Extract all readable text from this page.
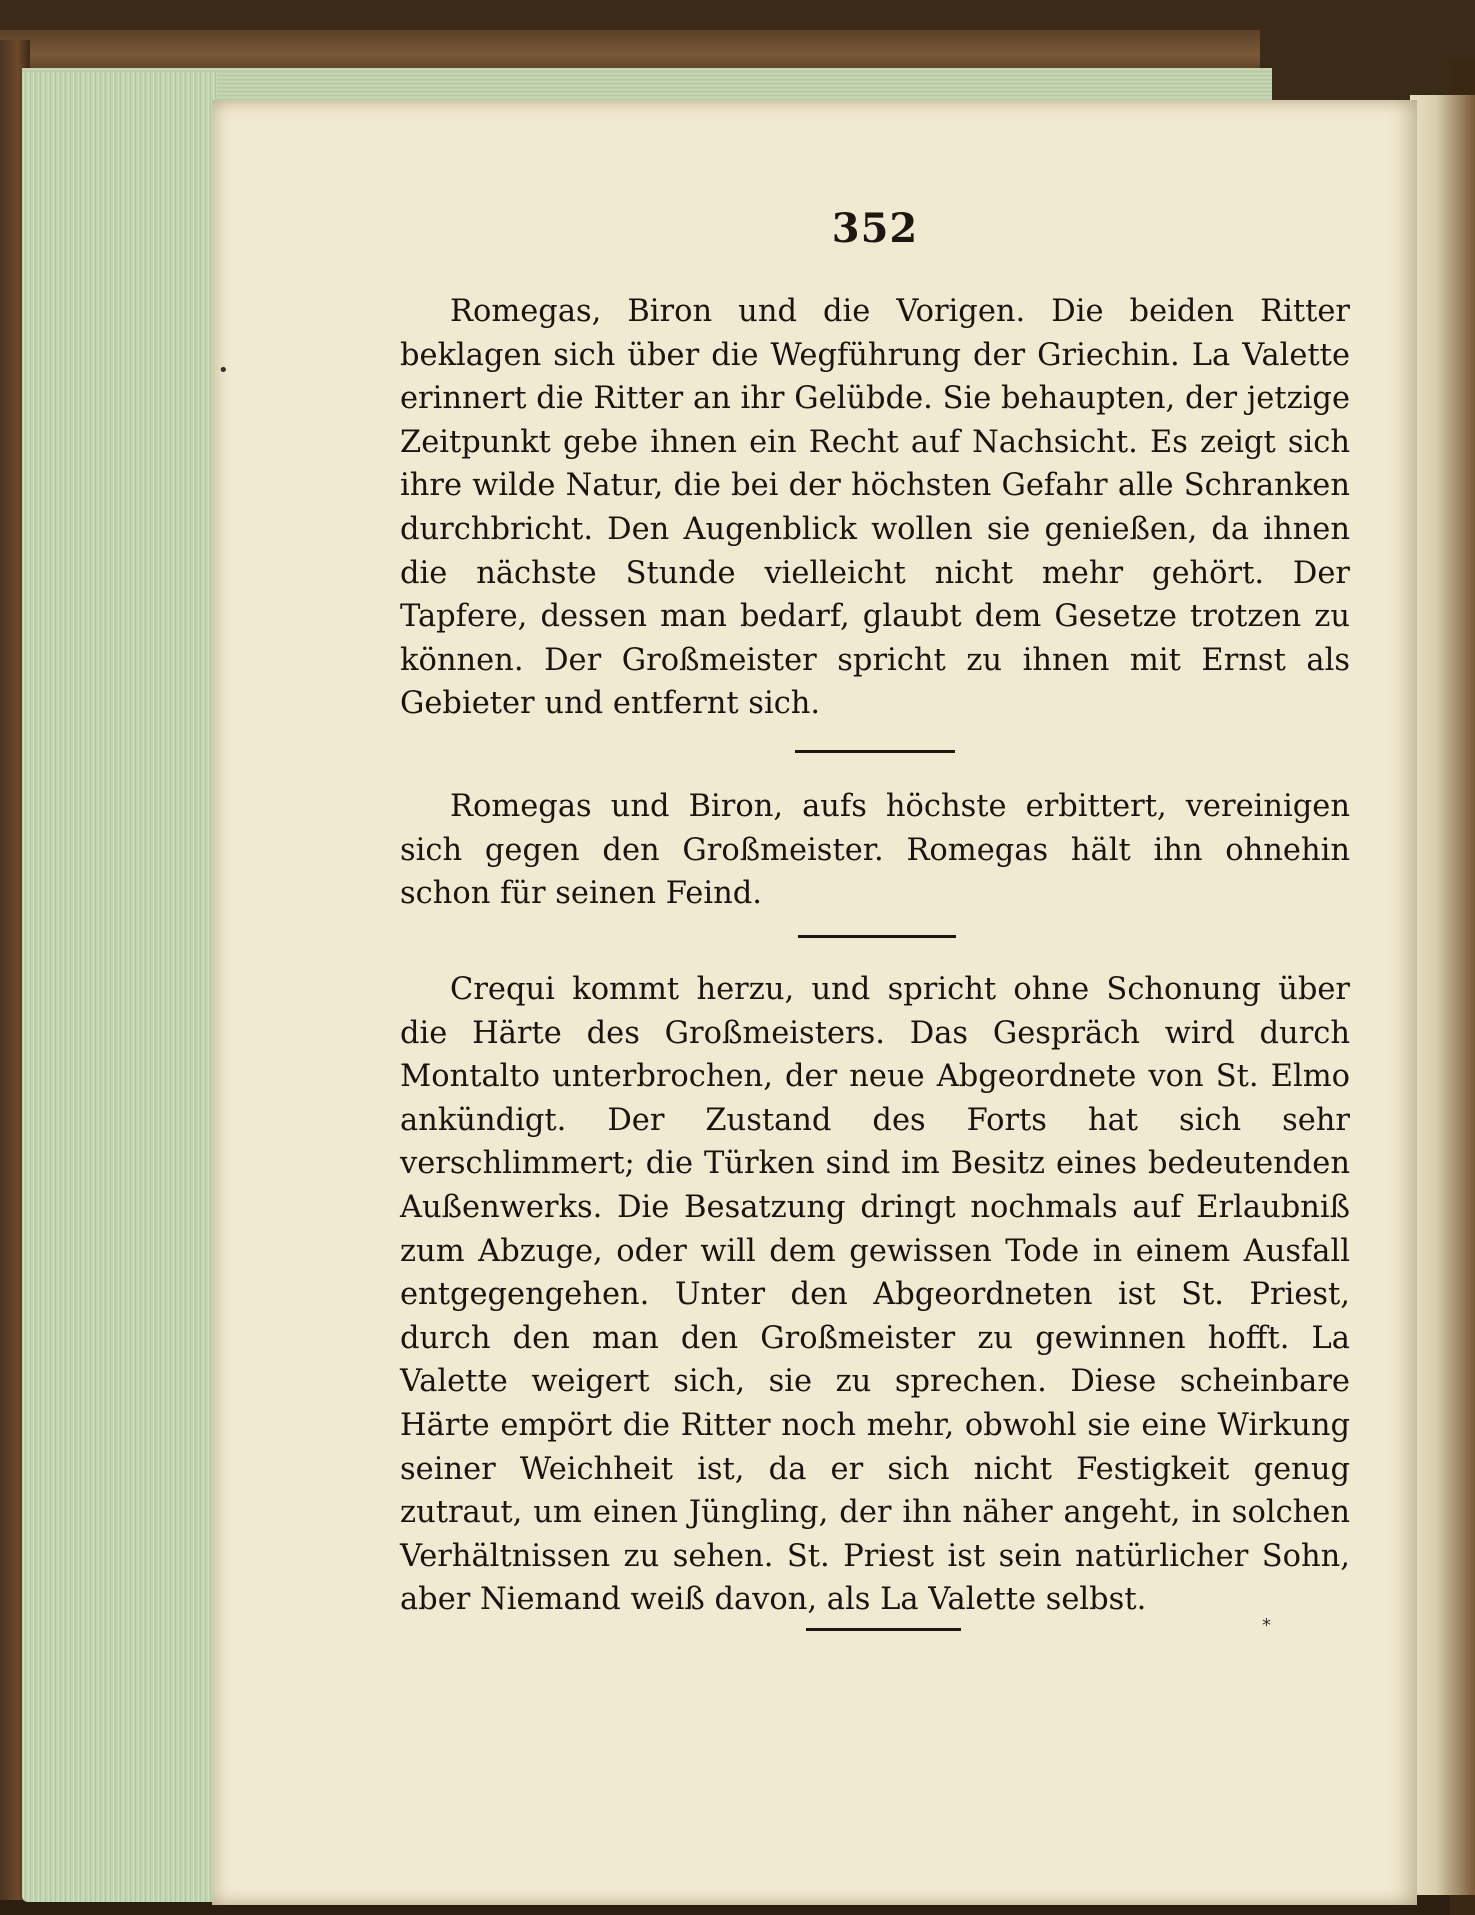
352

Romegas, Biron und die Vorigen. Die beiden Ritter beklagen sich über die Wegführung der Griechin. La Valette erinnert die Ritter an ihr Gelübde. Sie behaupten, der jetzige Zeitpunkt gebe ihnen ein Recht auf Nachsicht. Es zeigt sich ihre wilde Natur, die bei der höchsten Gefahr alle Schranken durchbricht. Den Augenblick wollen sie genießen, da ihnen die nächste Stunde vielleicht nicht mehr gehört. Der Tapfere, dessen man bedarf, glaubt dem Gesetze trotzen zu können. Der Großmeister spricht zu ihnen mit Ernst als Gebieter und entfernt sich.

Romegas und Biron, aufs höchste erbittert, vereinigen sich gegen den Großmeister. Romegas hält ihn ohnehin schon für seinen Feind.

Crequi kommt herzu, und spricht ohne Schonung über die Härte des Großmeisters. Das Gespräch wird durch Montalto unterbrochen, der neue Abgeordnete von St. Elmo ankündigt. Der Zustand des Forts hat sich sehr verschlimmert; die Türken sind im Besitz eines bedeutenden Außenwerks. Die Besatzung dringt nochmals auf Erlaubniß zum Abzuge, oder will dem gewissen Tode in einem Ausfall entgegengehen. Unter den Abgeordneten ist St. Priest, durch den man den Großmeister zu gewinnen hofft. La Valette weigert sich, sie zu sprechen. Diese scheinbare Härte empört die Ritter noch mehr, obwohl sie eine Wirkung seiner Weichheit ist, da er sich nicht Festigkeit genug zutraut, um einen Jüngling, der ihn näher angeht, in solchen Verhältnissen zu sehen. St. Priest ist sein natürlicher Sohn, aber Niemand weiß davon, als La Valette selbst.

•
*
